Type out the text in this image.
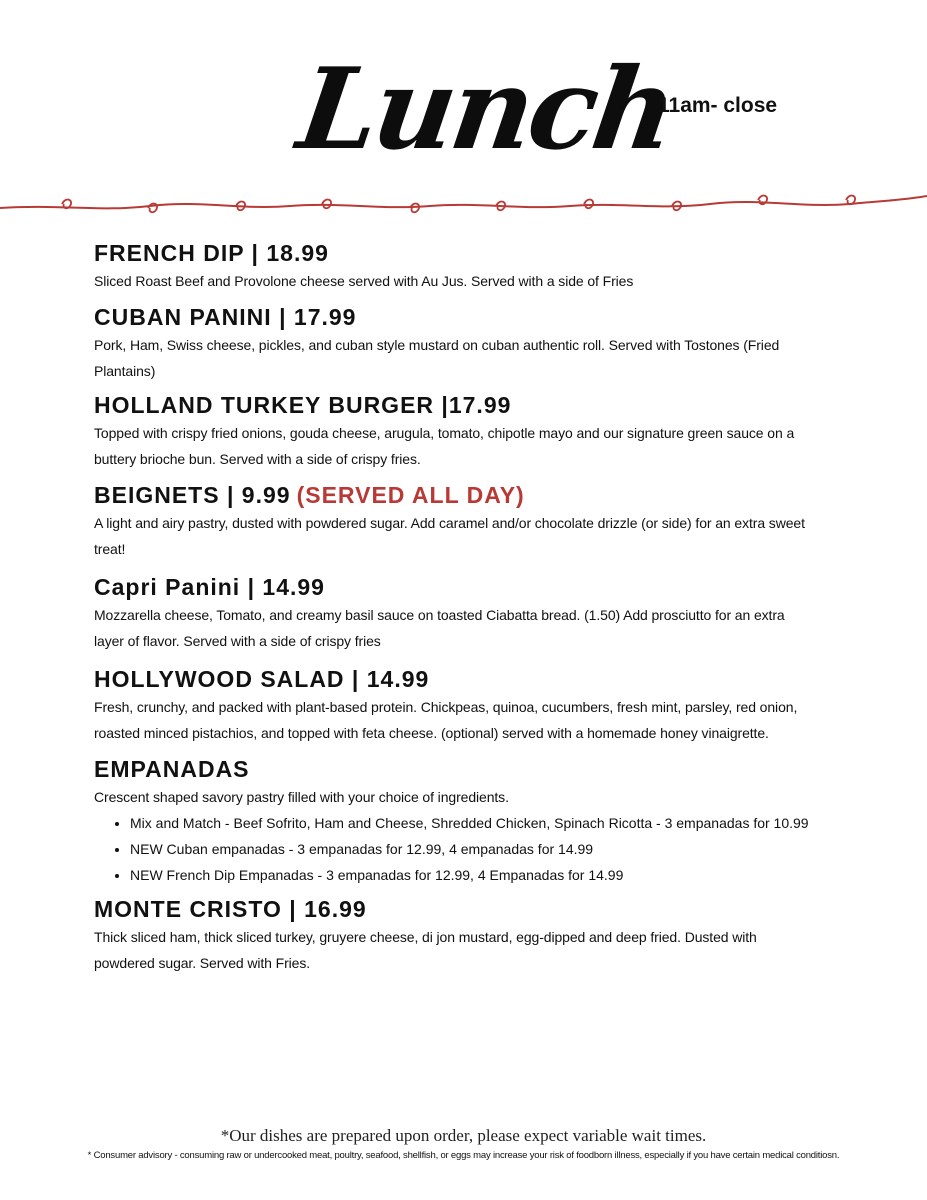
Lunch
11am- close
FRENCH DIP | 18.99

Sliced Roast Beef and Provolone cheese served with Au Jus. Served with a side of Fries

CUBAN PANINI | 17.99

Pork, Ham, Swiss cheese, pickles, and cuban style mustard on cuban authentic roll. Served with Tostones (Fried Plantains)

HOLLAND TURKEY BURGER |17.99

Topped with crispy fried onions, gouda cheese, arugula, tomato, chipotle mayo and our signature green sauce on a buttery brioche bun. Served with a side of crispy fries.

BEIGNETS | 9.99 (SERVED ALL DAY)

A light and airy pastry, dusted with powdered sugar. Add caramel and/or chocolate drizzle (or side) for an extra sweet treat!

Capri Panini | 14.99

Mozzarella cheese, Tomato, and creamy basil sauce on toasted Ciabatta bread. (1.50) Add prosciutto for an extra layer of flavor. Served with a side of crispy fries

HOLLYWOOD SALAD | 14.99

Fresh, crunchy, and packed with plant-based protein. Chickpeas, quinoa, cucumbers, fresh mint, parsley, red onion, roasted minced pistachios, and topped with feta cheese. (optional) served with a homemade honey vinaigrette.

EMPANADAS

Crescent shaped savory pastry filled with your choice of ingredients.

• Mix and Match - Beef Sofrito, Ham and Cheese, Shredded Chicken, Spinach Ricotta - 3 empanadas for 10.99
• NEW Cuban empanadas - 3 empanadas for 12.99, 4 empanadas for 14.99
• NEW French Dip Empanadas - 3 empanadas for 12.99, 4 Empanadas for 14.99
MONTE CRISTO | 16.99

Thick sliced ham, thick sliced turkey, gruyere cheese, di jon mustard, egg-dipped and deep fried. Dusted with powdered sugar. Served with Fries.

*Our dishes are prepared upon order, please expect variable wait times.
* Consumer advisory - consuming raw or undercooked meat, poultry, seafood, shellfish, or eggs may increase your risk of foodborn illness, especially if you have certain medical conditiosn.
